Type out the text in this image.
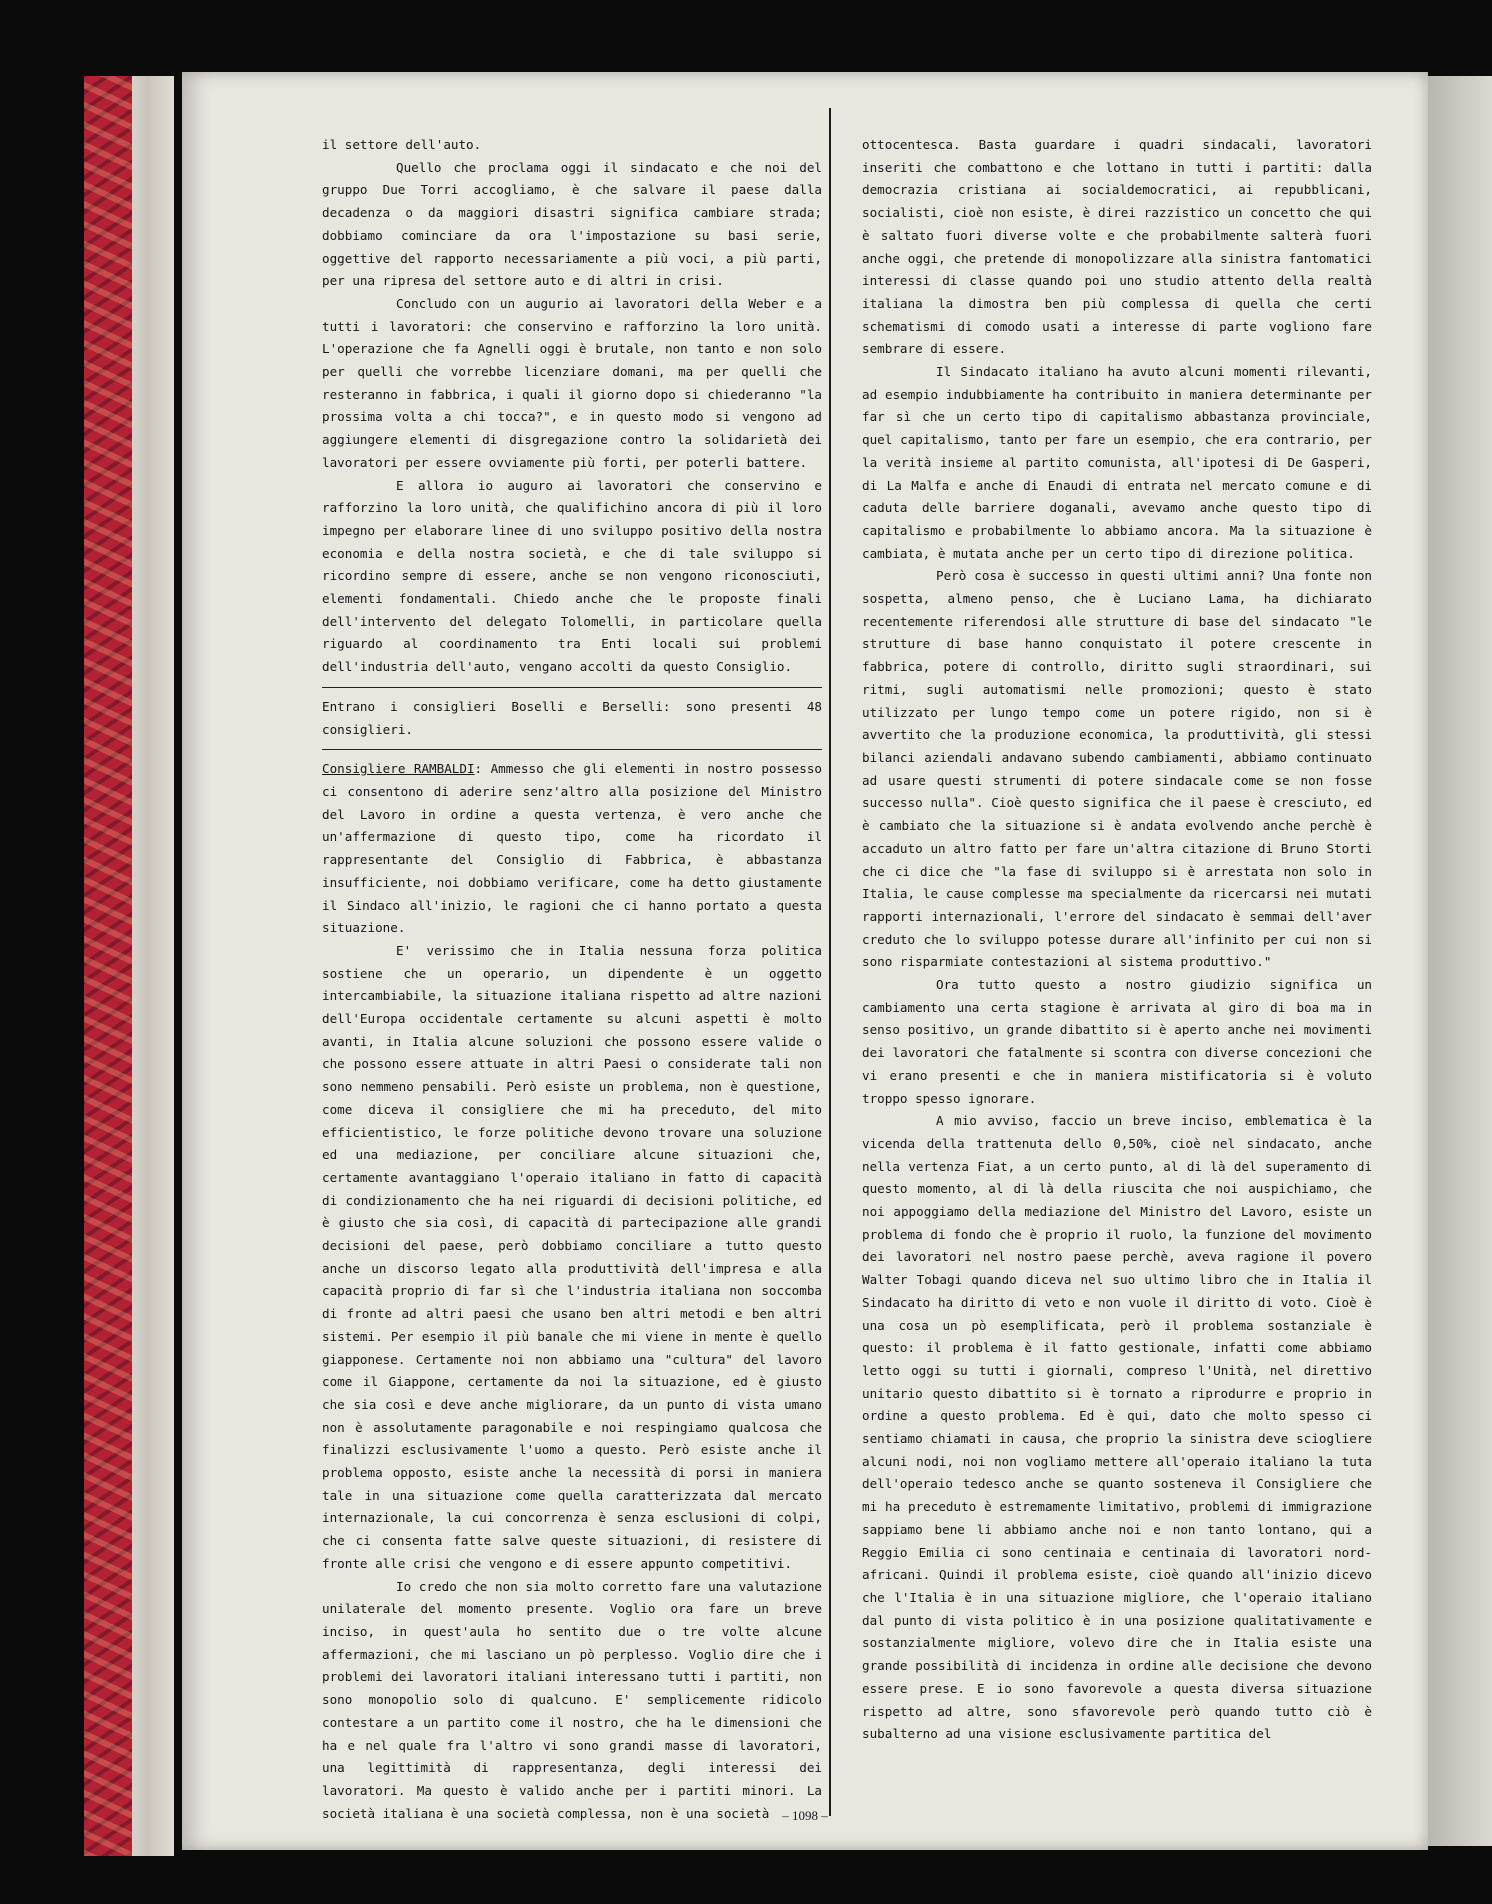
il settore dell'auto.

Quello che proclama oggi il sindacato e che noi del gruppo Due Torri accogliamo, è che salvare il paese dalla decadenza o da maggiori disastri significa cambiare strada; dobbiamo cominciare da ora l'impostazione su basi serie, oggettive del rapporto necessariamente a più voci, a più parti, per una ripresa del settore auto e di altri in crisi.

Concludo con un augurio ai lavoratori della Weber e a tutti i lavoratori: che conservino e rafforzino la loro unità. L'operazione che fa Agnelli oggi è brutale, non tanto e non solo per quelli che vorrebbe licenziare domani, ma per quelli che resteranno in fabbrica, i quali il giorno dopo si chiederanno "la prossima volta a chi tocca?", e in questo modo si vengono ad aggiungere elementi di disgregazione contro la solidarietà dei lavoratori per essere ovviamente più forti, per poterli battere.

E allora io auguro ai lavoratori che conservino e rafforzino la loro unità, che qualifichino ancora di più il loro impegno per elaborare linee di uno sviluppo positivo della nostra economia e della nostra società, e che di tale sviluppo si ricordino sempre di essere, anche se non vengono riconosciuti, elementi fondamentali. Chiedo anche che le proposte finali dell'intervento del delegato Tolomelli, in particolare quella riguardo al coordinamento tra Enti locali sui problemi dell'industria dell'auto, vengano accolti da questo Consiglio.

Entrano i consiglieri Boselli e Berselli: sono presenti 48 consiglieri.

Consigliere RAMBALDI: Ammesso che gli elementi in nostro possesso ci consentono di aderire senz'altro alla posizione del Ministro del Lavoro in ordine a questa vertenza, è vero anche che un'affermazione di questo tipo, come ha ricordato il rappresentante del Consiglio di Fabbrica, è abbastanza insufficiente, noi dobbiamo verificare, come ha detto giustamente il Sindaco all'inizio, le ragioni che ci hanno portato a questa situazione.

E' verissimo che in Italia nessuna forza politica sostiene che un operario, un dipendente è un oggetto intercambiabile, la situazione italiana rispetto ad altre nazioni dell'Europa occidentale certamente su alcuni aspetti è molto avanti, in Italia alcune soluzioni che possono essere valide o che possono essere attuate in altri Paesi o considerate tali non sono nemmeno pensabili. Però esiste un problema, non è questione, come diceva il consigliere che mi ha preceduto, del mito efficientistico, le forze politiche devono trovare una soluzione ed una mediazione, per conciliare alcune situazioni che, certamente avantaggiano l'operaio italiano in fatto di capacità di condizionamento che ha nei riguardi di decisioni politiche, ed è giusto che sia così, di capacità di partecipazione alle grandi decisioni del paese, però dobbiamo conciliare a tutto questo anche un discorso legato alla produttività dell'impresa e alla capacità proprio di far sì che l'industria italiana non soccomba di fronte ad altri paesi che usano ben altri metodi e ben altri sistemi. Per esempio il più banale che mi viene in mente è quello giapponese. Certamente noi non abbiamo una "cultura" del lavoro come il Giappone, certamente da noi la situazione, ed è giusto che sia così e deve anche migliorare, da un punto di vista umano non è assolutamente paragonabile e noi respingiamo qualcosa che finalizzi esclusivamente l'uomo a questo. Però esiste anche il problema opposto, esiste anche la necessità di porsi in maniera tale in una situazione come quella caratterizzata dal mercato internazionale, la cui concorrenza è senza esclusioni di colpi, che ci consenta fatte salve queste situazioni, di resistere di fronte alle crisi che vengono e di essere appunto competitivi.

Io credo che non sia molto corretto fare una valutazione unilaterale del momento presente. Voglio ora fare un breve inciso, in quest'aula ho sentito due o tre volte alcune affermazioni, che mi lasciano un pò perplesso. Voglio dire che i problemi dei lavoratori italiani interessano tutti i partiti, non sono monopolio solo di qualcuno. E' semplicemente ridicolo contestare a un partito come il nostro, che ha le dimensioni che ha e nel quale fra l'altro vi sono grandi masse di lavoratori, una legittimità di rappresentanza, degli interessi dei lavoratori. Ma questo è valido anche per i partiti minori. La società italiana è una società complessa, non è una società

ottocentesca. Basta guardare i quadri sindacali, lavoratori inseriti che combattono e che lottano in tutti i partiti: dalla democrazia cristiana ai socialdemocratici, ai repubblicani, socialisti, cioè non esiste, è direi razzistico un concetto che qui è saltato fuori diverse volte e che probabilmente salterà fuori anche oggi, che pretende di monopolizzare alla sinistra fantomatici interessi di classe quando poi uno studio attento della realtà italiana la dimostra ben più complessa di quella che certi schematismi di comodo usati a interesse di parte vogliono fare sembrare di essere.

Il Sindacato italiano ha avuto alcuni momenti rilevanti, ad esempio indubbiamente ha contribuito in maniera determinante per far sì che un certo tipo di capitalismo abbastanza provinciale, quel capitalismo, tanto per fare un esempio, che era contrario, per la verità insieme al partito comunista, all'ipotesi di De Gasperi, di La Malfa e anche di Enaudi di entrata nel mercato comune e di caduta delle barriere doganali, avevamo anche questo tipo di capitalismo e probabilmente lo abbiamo ancora. Ma la situazione è cambiata, è mutata anche per un certo tipo di direzione politica.

Però cosa è successo in questi ultimi anni? Una fonte non sospetta, almeno penso, che è Luciano Lama, ha dichiarato recentemente riferendosi alle strutture di base del sindacato "le strutture di base hanno conquistato il potere crescente in fabbrica, potere di controllo, diritto sugli straordinari, sui ritmi, sugli automatismi nelle promozioni; questo è stato utilizzato per lungo tempo come un potere rigido, non si è avvertito che la produzione economica, la produttività, gli stessi bilanci aziendali andavano subendo cambiamenti, abbiamo continuato ad usare questi strumenti di potere sindacale come se non fosse successo nulla". Cioè questo significa che il paese è cresciuto, ed è cambiato che la situazione si è andata evolvendo anche perchè è accaduto un altro fatto per fare un'altra citazione di Bruno Storti che ci dice che "la fase di sviluppo si è arrestata non solo in Italia, le cause complesse ma specialmente da ricercarsi nei mutati rapporti internazionali, l'errore del sindacato è semmai dell'aver creduto che lo sviluppo potesse durare all'infinito per cui non si sono risparmiate contestazioni al sistema produttivo."

Ora tutto questo a nostro giudizio significa un cambiamento una certa stagione è arrivata al giro di boa ma in senso positivo, un grande dibattito si è aperto anche nei movimenti dei lavoratori che fatalmente si scontra con diverse concezioni che vi erano presenti e che in maniera mistificatoria si è voluto troppo spesso ignorare.

A mio avviso, faccio un breve inciso, emblematica è la vicenda della trattenuta dello 0,50%, cioè nel sindacato, anche nella vertenza Fiat, a un certo punto, al di là del superamento di questo momento, al di là della riuscita che noi auspichiamo, che noi appoggiamo della mediazione del Ministro del Lavoro, esiste un problema di fondo che è proprio il ruolo, la funzione del movimento dei lavoratori nel nostro paese perchè, aveva ragione il povero Walter Tobagi quando diceva nel suo ultimo libro che in Italia il Sindacato ha diritto di veto e non vuole il diritto di voto. Cioè è una cosa un pò esemplificata, però il problema sostanziale è questo: il problema è il fatto gestionale, infatti come abbiamo letto oggi su tutti i giornali, compreso l'Unità, nel direttivo unitario questo dibattito si è tornato a riprodurre e proprio in ordine a questo problema. Ed è qui, dato che molto spesso ci sentiamo chiamati in causa, che proprio la sinistra deve sciogliere alcuni nodi, noi non vogliamo mettere all'operaio italiano la tuta dell'operaio tedesco anche se quanto sosteneva il Consigliere che mi ha preceduto è estremamente limitativo, problemi di immigrazione sappiamo bene li abbiamo anche noi e non tanto lontano, qui a Reggio Emilia ci sono centinaia e centinaia di lavoratori nord-africani. Quindi il problema esiste, cioè quando all'inizio dicevo che l'Italia è in una situazione migliore, che l'operaio italiano dal punto di vista politico è in una posizione qualitativamente e sostanzialmente migliore, volevo dire che in Italia esiste una grande possibilità di incidenza in ordine alle decisione che devono essere prese. E io sono favorevole a questa diversa situazione rispetto ad altre, sono sfavorevole però quando tutto ciò è subalterno ad una visione esclusivamente partitica del

– 1098 –
